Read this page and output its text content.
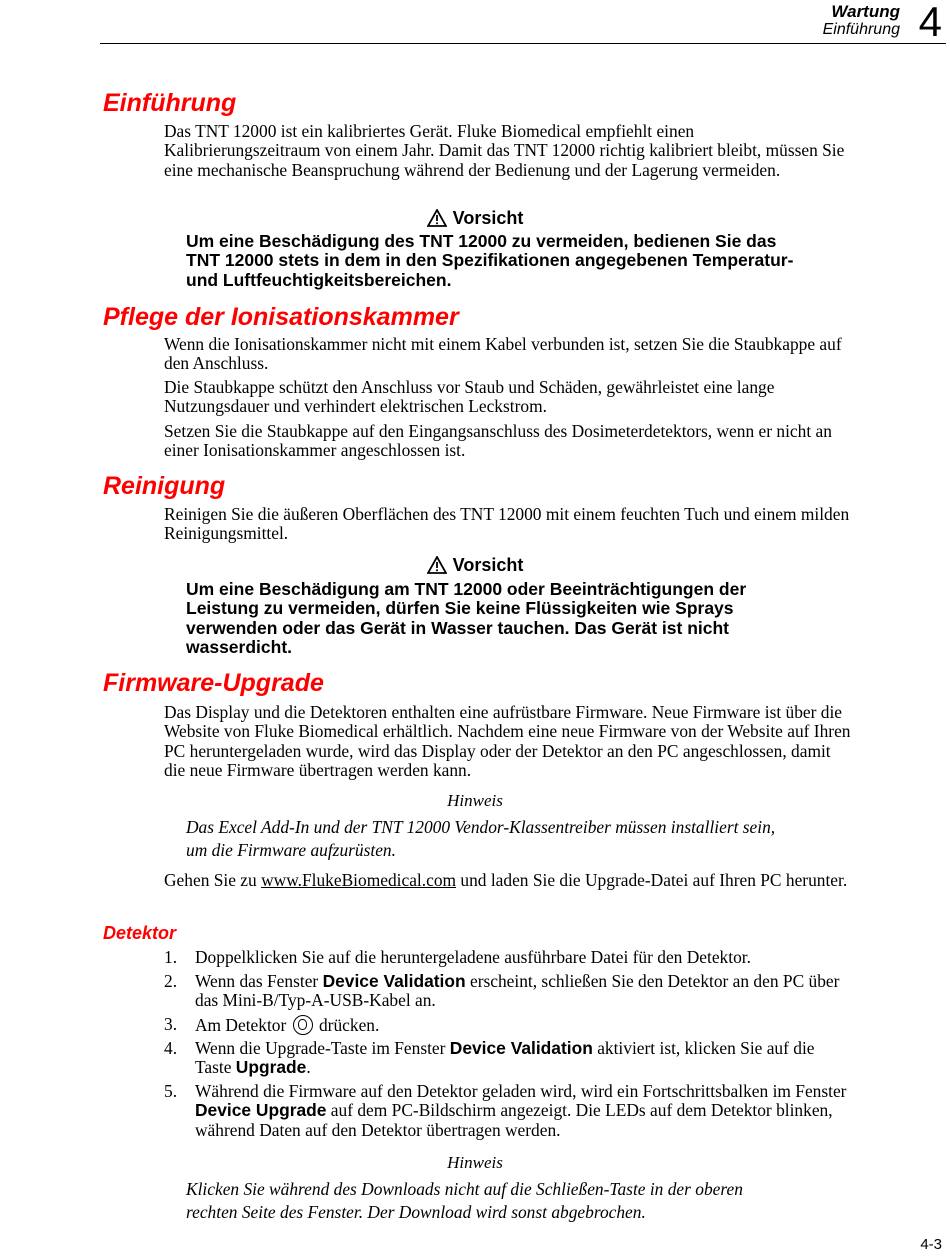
Wartung
Einführung 4
Einführung

Das TNT 12000 ist ein kalibriertes Gerät. Fluke Biomedical empfiehlt einen Kalibrierungszeitraum von einem Jahr. Damit das TNT 12000 richtig kalibriert bleibt, müssen Sie eine mechanische Beanspruchung während der Bedienung und der Lagerung vermeiden.

Vorsicht

Um eine Beschädigung des TNT 12000 zu vermeiden, bedienen Sie das TNT 12000 stets in dem in den Spezifikationen angegebenen Temperatur- und Luftfeuchtigkeitsbereichen.

Pflege der Ionisationskammer

Wenn die Ionisationskammer nicht mit einem Kabel verbunden ist, setzen Sie die Staubkappe auf den Anschluss.

Die Staubkappe schützt den Anschluss vor Staub und Schäden, gewährleistet eine lange Nutzungsdauer und verhindert elektrischen Leckstrom.

Setzen Sie die Staubkappe auf den Eingangsanschluss des Dosimeterdetektors, wenn er nicht an einer Ionisationskammer angeschlossen ist.

Reinigung

Reinigen Sie die äußeren Oberflächen des TNT 12000 mit einem feuchten Tuch und einem milden Reinigungsmittel.

Vorsicht

Um eine Beschädigung am TNT 12000 oder Beeinträchtigungen der Leistung zu vermeiden, dürfen Sie keine Flüssigkeiten wie Sprays verwenden oder das Gerät in Wasser tauchen. Das Gerät ist nicht wasserdicht.

Firmware-Upgrade

Das Display und die Detektoren enthalten eine aufrüstbare Firmware. Neue Firmware ist über die Website von Fluke Biomedical erhältlich. Nachdem eine neue Firmware von der Website auf Ihren PC heruntergeladen wurde, wird das Display oder der Detektor an den PC angeschlossen, damit die neue Firmware übertragen werden kann.

Hinweis

Das Excel Add-In und der TNT 12000 Vendor-Klassentreiber müssen installiert sein, um die Firmware aufzurüsten.

Gehen Sie zu www.FlukeBiomedical.com und laden Sie die Upgrade-Datei auf Ihren PC herunter.

Detektor
1.	Doppelklicken Sie auf die heruntergeladene ausführbare Datei für den Detektor.
2.	Wenn das Fenster Device Validation erscheint, schließen Sie den Detektor an den PC über das Mini-B/Typ-A-USB-Kabel an.
3.	Am Detektor  drücken.
4.	Wenn die Upgrade-Taste im Fenster Device Validation aktiviert ist, klicken Sie auf die Taste Upgrade.
5.	Während die Firmware auf den Detektor geladen wird, wird ein Fortschrittsbalken im Fenster Device Upgrade auf dem PC-Bildschirm angezeigt. Die LEDs auf dem Detektor blinken, während Daten auf den Detektor übertragen werden.
Hinweis

Klicken Sie während des Downloads nicht auf die Schließen-Taste in der oberen rechten Seite des Fenster. Der Download wird sonst abgebrochen.

4-3
